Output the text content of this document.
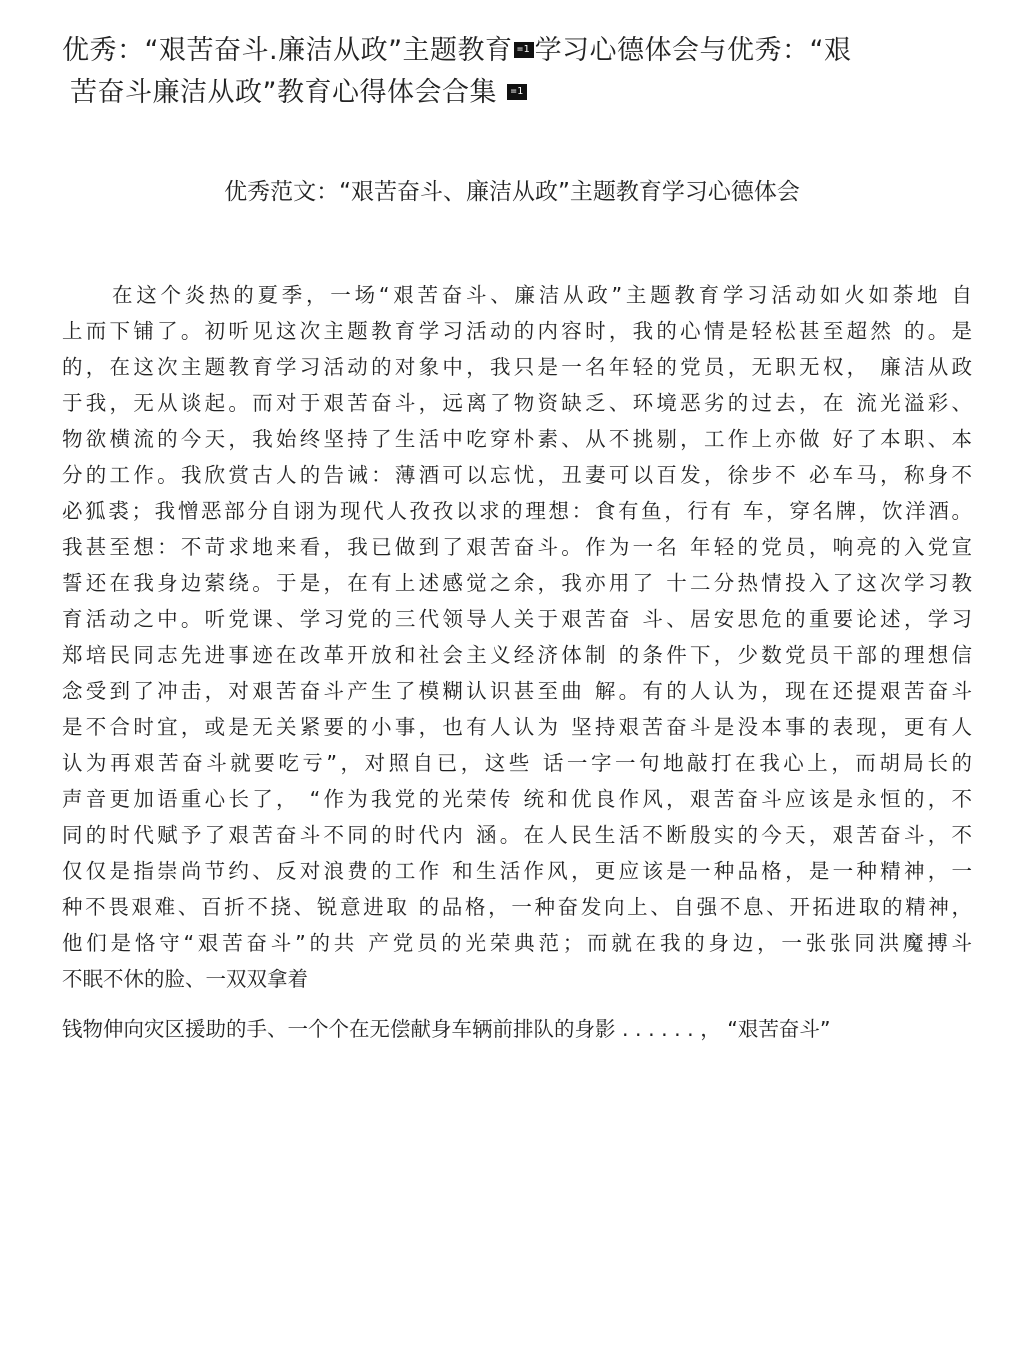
优秀：“艰苦奋斗.廉洁从政”主题教育 =1 学习心德体会与优秀：“艰
苦奋斗廉洁从政”教育心得体会合集 =1
优秀范文：“艰苦奋斗、廉洁从政”主题教育学习心德体会
在这个炎热的夏季，一场“艰苦奋斗、廉洁从政”主题教育学习活动如火如荼地 自
上而下铺了。初听见这次主题教育学习活动的内容时，我的心情是轻松甚至超然 的。是
的，在这次主题教育学习活动的对象中，我只是一名年轻的党员，无职无权， 廉洁从政
于我，无从谈起。而对于艰苦奋斗，远离了物资缺乏、环境恶劣的过去，在 流光溢彩、
物欲横流的今天，我始终坚持了生活中吃穿朴素、从不挑剔，工作上亦做 好了本职、本
分的工作。我欣赏古人的告诫：薄酒可以忘忧，丑妻可以百发，徐步不 必车马，称身不
必狐裘；我憎恶部分自诩为现代人孜孜以求的理想：食有鱼，行有 车，穿名牌，饮洋酒。
我甚至想：不苛求地来看，我已做到了艰苦奋斗。作为一名 年轻的党员，响亮的入党宣
誓还在我身边萦绕。于是，在有上述感觉之余，我亦用了 十二分热情投入了这次学习教
育活动之中。听党课、学习党的三代领导人关于艰苦奋 斗、居安思危的重要论述，学习
郑培民同志先进事迹在改革开放和社会主义经济体制 的条件下，少数党员干部的理想信
念受到了冲击，对艰苦奋斗产生了模糊认识甚至曲 解。有的人认为，现在还提艰苦奋斗
是不合时宜，或是无关紧要的小事，也有人认为 坚持艰苦奋斗是没本事的表现，更有人
认为再艰苦奋斗就要吃亏”，对照自已，这些 话一字一句地敲打在我心上，而胡局长的
声音更加语重心长了， “作为我党的光荣传 统和优良作风，艰苦奋斗应该是永恒的，不
同的时代赋予了艰苦奋斗不同的时代内 涵。在人民生活不断殷实的今天，艰苦奋斗，不
仅仅是指崇尚节约、反对浪费的工作 和生活作风，更应该是一种品格，是一种精神，一
种不畏艰难、百折不挠、锐意进取 的品格，一种奋发向上、自强不息、开拓进取的精神，
他们是恪守“艰苦奋斗”的共 产党员的光荣典范；而就在我的身边，一张张同洪魔搏斗
不眠不休的脸、一双双拿着
钱物伸向灾区援助的手、一个个在无偿献身车辆前排队的身影 . . . . . . ， “艰苦奋斗”
